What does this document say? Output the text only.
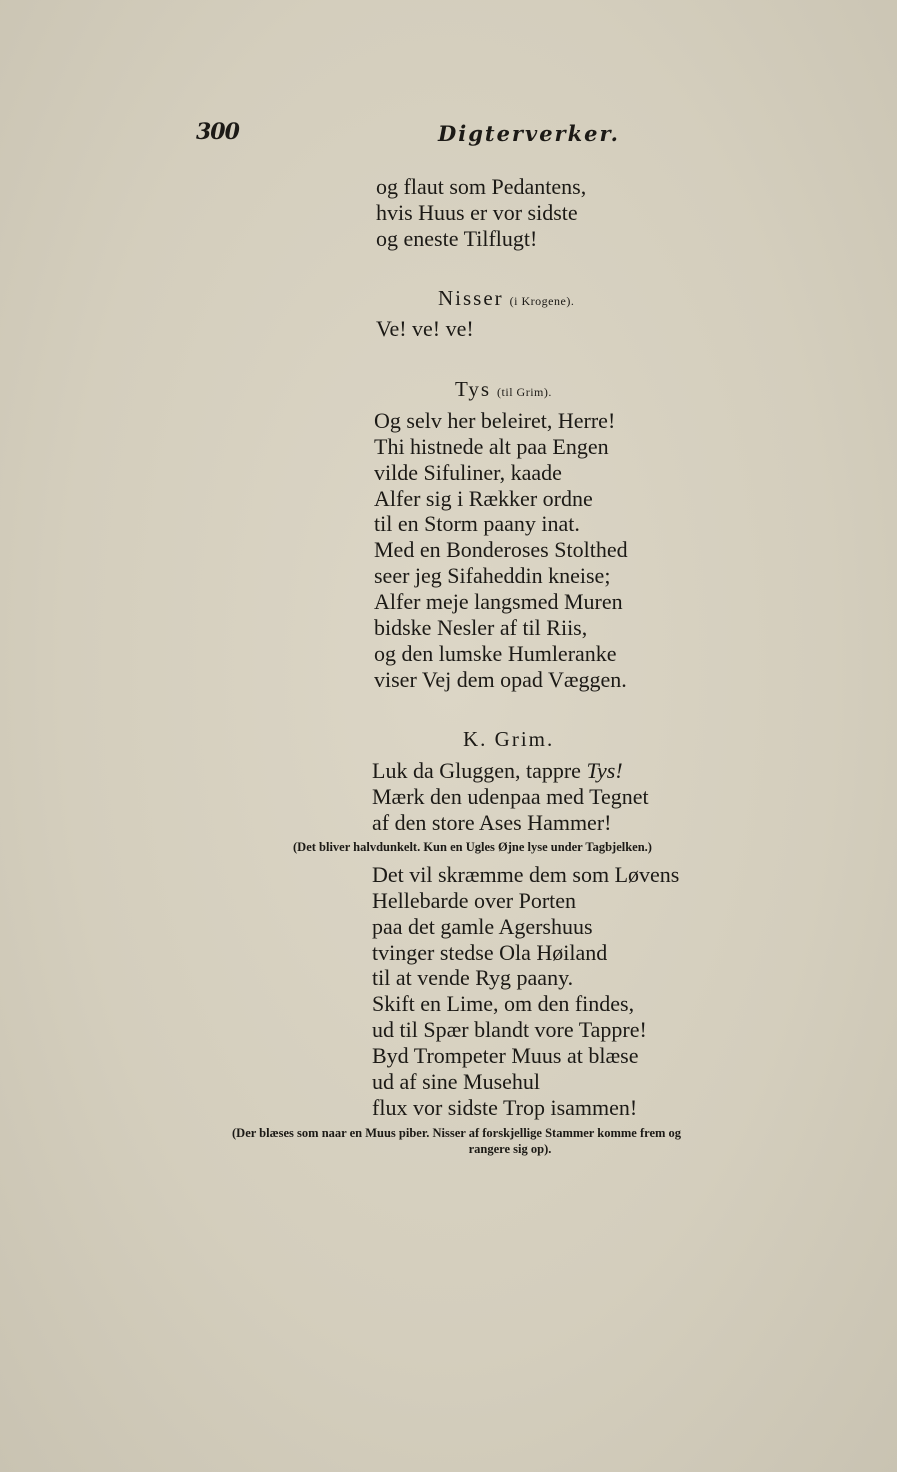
300	Digterverker.
og flaut som Pedantens,
hvis Huus er vor sidste
og eneste Tilflugt!
Nisser (i Krogene).
Ve! ve! ve!
Tys (til Grim).
Og selv her beleiret, Herre!
Thi histnede alt paa Engen
vilde Sifuliner, kaade
Alfer sig i Rækker ordne
til en Storm paany inat.
Med en Bonderoses Stolthed
seer jeg Sifaheddin kneise;
Alfer meje langsmed Muren
bidske Nesler af til Riis,
og den lumske Humleranke
viser Vej dem opad Væggen.
K. Grim.
Luk da Gluggen, tappre Tys!
Mærk den udenpaa med Tegnet
af den store Ases Hammer!
(Det bliver halvdunkelt. Kun en Ugles Øjne lyse under Tagbjelken.)
Det vil skræmme dem som Løvens
Hellebarde over Porten
paa det gamle Agershuus
tvinger stedse Ola Høiland
til at vende Ryg paany.
Skift en Lime, om den findes,
ud til Spær blandt vore Tappre!
Byd Trompeter Muus at blæse
ud af sine Musehul
flux vor sidste Trop isammen!
(Der blæses som naar en Muus piber. Nisser af forskjellige Stammer komme frem og
rangere sig op).
